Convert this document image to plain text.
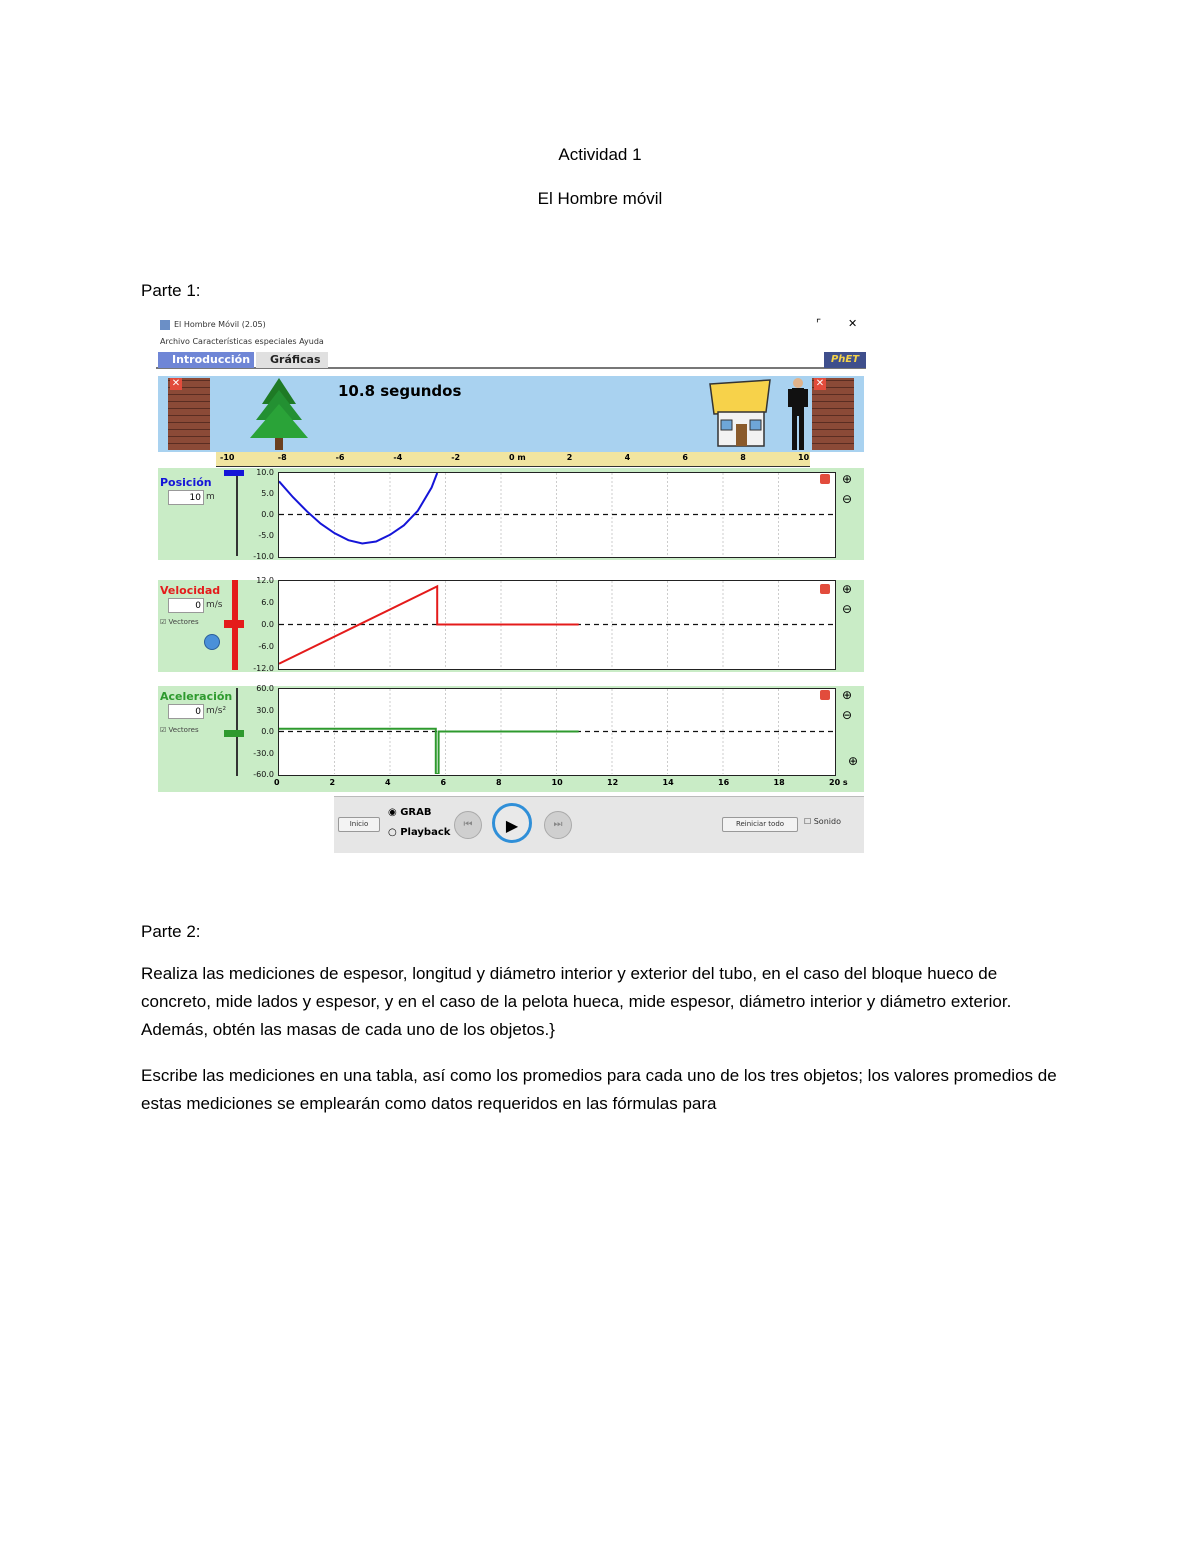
Actividad 1
El Hombre móvil
Parte 1:
El Hombre Móvil (2.05)	⌜ ✕
Archivo Características especiales Ayuda
Introducción	Gráficas	PhET
✕	10.8 segundos	✕
-10	-8	-6	-4	-2	0 m	2	4	6	8	10
Posición
10 m
10.0
5.0
0.0
-5.0
-10.0
⊕
⊖
Velocidad
0 m/s
☑ Vectores
12.0
6.0
0.0
-6.0
-12.0
⊕
⊖
Aceleración
0 m/s²
☑ Vectores
60.0
30.0
0.0
-30.0
-60.0
⊕
⊖
⊕
0	2	4	6	8	10	12	14	16	18	20 s
Inicio
◉ GRAB
○ Playback
⏮	▶	⏭	Reiniciar todo	☐ Sonido
Parte 2:

Realiza las mediciones de espesor, longitud y diámetro interior y exterior del tubo, en el caso del bloque hueco de concreto, mide lados y espesor, y en el caso de la pelota hueca, mide espesor, diámetro interior y diámetro exterior. Además, obtén las masas de cada uno de los objetos.}

Escribe las mediciones en una tabla, así como los promedios para cada uno de los tres objetos; los valores promedios de estas mediciones se emplearán como datos requeridos en las fórmulas para
